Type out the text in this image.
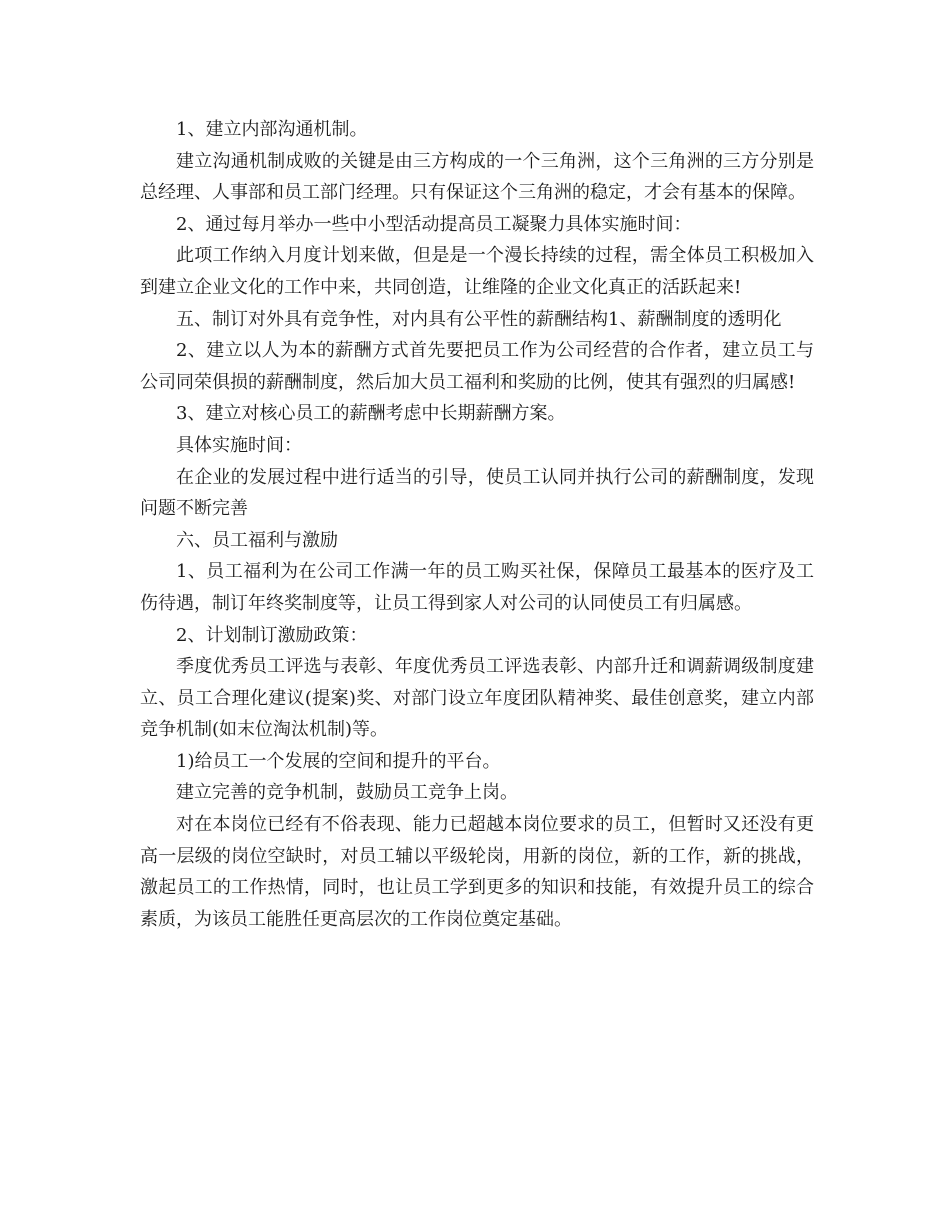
1、建立内部沟通机制。

建立沟通机制成败的关键是由三方构成的一个三角洲，这个三角洲的三方分别是总经理、人事部和员工部门经理。只有保证这个三角洲的稳定，才会有基本的保障。

2、通过每月举办一些中小型活动提高员工凝聚力具体实施时间：

此项工作纳入月度计划来做，但是是一个漫长持续的过程，需全体员工积极加入到建立企业文化的工作中来，共同创造，让维隆的企业文化真正的活跃起来!

五、制订对外具有竞争性，对内具有公平性的薪酬结构1、薪酬制度的透明化

2、建立以人为本的薪酬方式首先要把员工作为公司经营的合作者，建立员工与公司同荣俱损的薪酬制度，然后加大员工福利和奖励的比例，使其有强烈的归属感!

3、建立对核心员工的薪酬考虑中长期薪酬方案。

具体实施时间：

在企业的发展过程中进行适当的引导，使员工认同并执行公司的薪酬制度，发现问题不断完善

六、员工福利与激励

1、员工福利为在公司工作满一年的员工购买社保，保障员工最基本的医疗及工伤待遇，制订年终奖制度等，让员工得到家人对公司的认同使员工有归属感。

2、计划制订激励政策：

季度优秀员工评选与表彰、年度优秀员工评选表彰、内部升迁和调薪调级制度建立、员工合理化建议(提案)奖、对部门设立年度团队精神奖、最佳创意奖，建立内部竞争机制(如末位淘汰机制)等。

1)给员工一个发展的空间和提升的平台。

建立完善的竞争机制，鼓励员工竞争上岗。

对在本岗位已经有不俗表现、能力已超越本岗位要求的员工，但暂时又还没有更高一层级的岗位空缺时，对员工辅以平级轮岗，用新的岗位，新的工作，新的挑战，激起员工的工作热情，同时，也让员工学到更多的知识和技能，有效提升员工的综合素质，为该员工能胜任更高层次的工作岗位奠定基础。
